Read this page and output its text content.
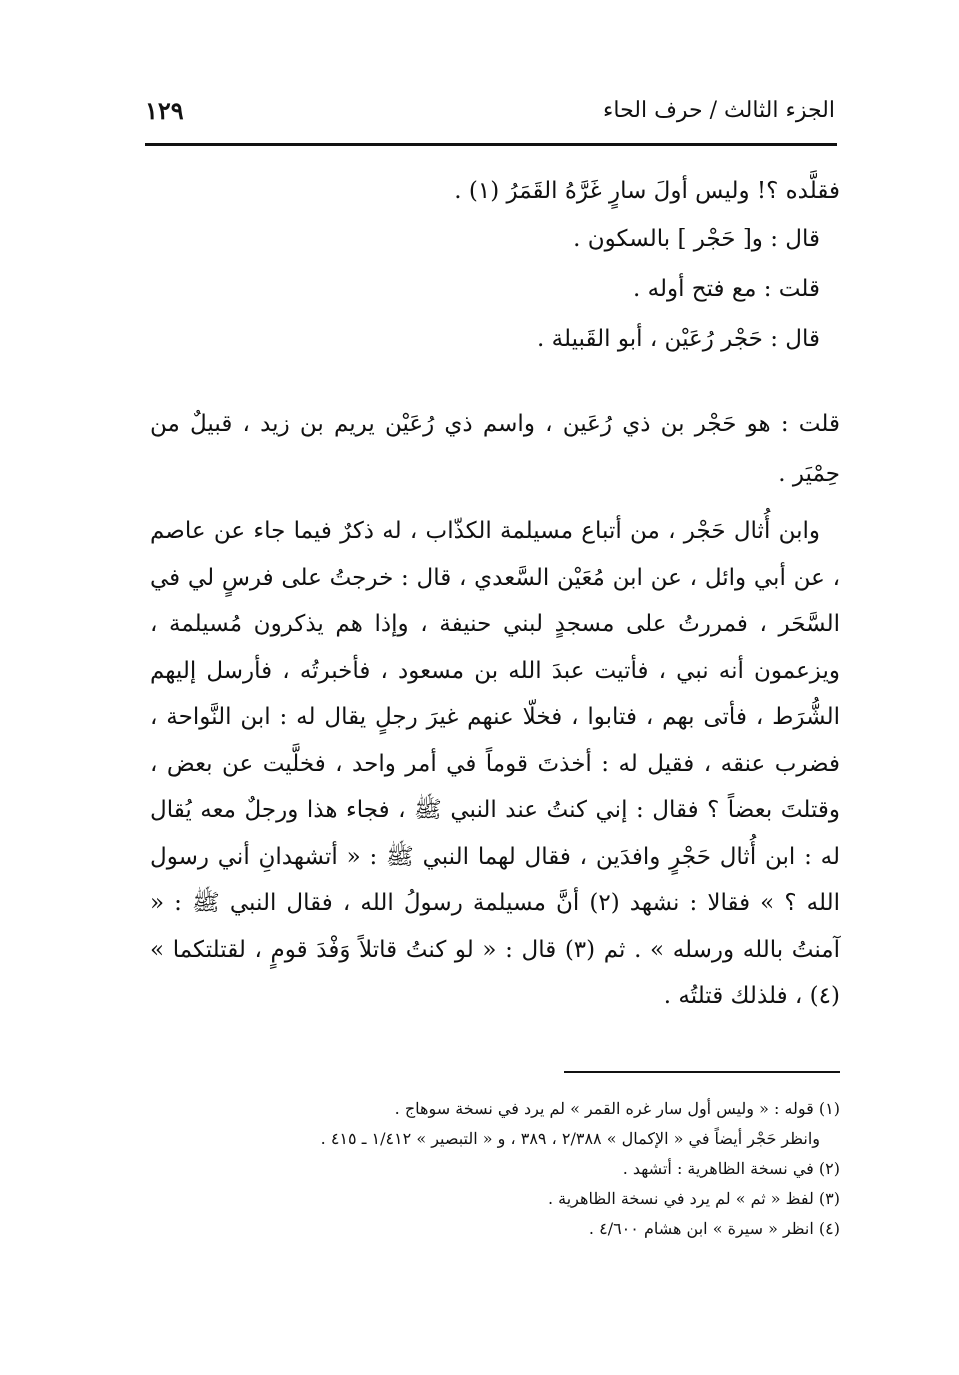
الجزء الثالث / حرف الحاء
١٢٩

فقلَّده ؟! وليس أولَ سارٍ غَرَّهُ القَمَرُ (١) .

قال : و[ حَجْر ] بالسكون .

قلت : مع فتح أوله .

قال : حَجْر رُعَيْن ، أبو القَبيلة .

قلت : هو حَجْر بن ذي رُعَين ، واسم ذي رُعَيْن يريم بن زيد ، قبيلٌ من حِمْيَر .

وابن أُثال حَجْر ، من أتباع مسيلمة الكذّاب ، له ذكرٌ فيما جاء عن عاصم ، عن أبي وائل ، عن ابن مُعَيْن السَّعدي ، قال : خرجتُ على فرسٍ لي في السَّحَر ، فمررتُ على مسجدٍ لبني حنيفة ، وإذا هم يذكرون مُسيلمة ، ويزعمون أنه نبي ، فأتيت عبدَ الله بن مسعود ، فأخبرتُه ، فأرسل إليهم الشُّرَط ، فأتى بهم ، فتابوا ، فخلّا عنهم غيرَ رجلٍ يقال له : ابن النَّواحة ، فضرب عنقه ، فقيل له : أخذتَ قوماً في أمر واحد ، فخلَّيت عن بعض ، وقتلتَ بعضاً ؟ فقال : إني كنتُ عند النبي ﷺ ، فجاء هذا ورجلٌ معه يُقال له : ابن أُثال حَجْرٍ وافدَين ، فقال لهما النبي ﷺ : « أتشهدانِ أني رسول الله ؟ » فقالا : نشهد (٢) أنَّ مسيلمة رسولُ الله ، فقال النبي ﷺ : « آمنتُ بالله ورسله » . ثم (٣) قال : « لو كنتُ قاتلاً وَفْدَ قومٍ ، لقتلتكما » (٤) ، فلذلك قتلتُه .

(١) قوله : « وليس أول سار غره القمر » لم يرد في نسخة سوهاج .

وانظر حَجْر أيضاً في « الإكمال » ٢/٣٨٨ ، ٣٨٩ ، و « التبصير » ١/٤١٢ ـ ٤١٥ .

(٢) في نسخة الظاهرية : أتشهد .

(٣) لفظ « ثم » لم يرد في نسخة الظاهرية .

(٤) انظر « سيرة » ابن هشام ٤/٦٠٠ .
